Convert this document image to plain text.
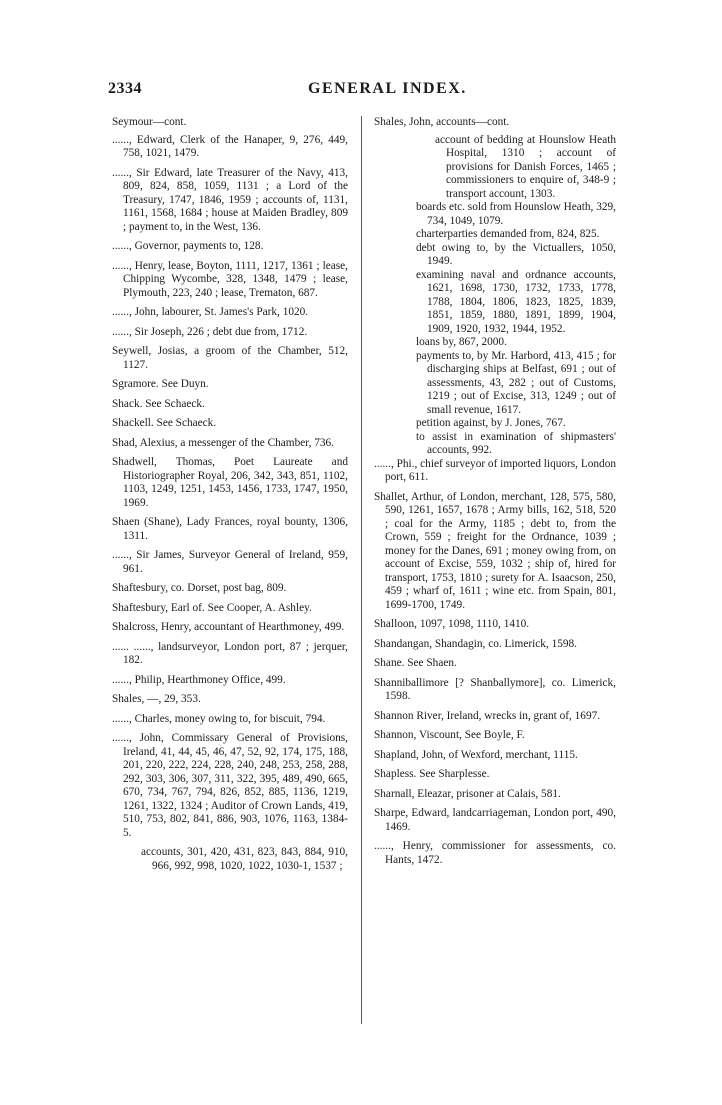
2334	GENERAL INDEX.

Seymour—cont.

......, Edward, Clerk of the Hanaper, 9, 276, 449, 758, 1021, 1479.

......, Sir Edward, late Treasurer of the Navy, 413, 809, 824, 858, 1059, 1131 ; a Lord of the Treasury, 1747, 1846, 1959 ; accounts of, 1131, 1161, 1568, 1684 ; house at Maiden Bradley, 809 ; payment to, in the West, 136.

......, Governor, payments to, 128.

......, Henry, lease, Boyton, 1111, 1217, 1361 ; lease, Chipping Wycombe, 328, 1348, 1479 ; lease, Plymouth, 223, 240 ; lease, Trematon, 687.

......, John, labourer, St. James's Park, 1020.

......, Sir Joseph, 226 ; debt due from, 1712.

Seywell, Josias, a groom of the Chamber, 512, 1127.

Sgramore. See Duyn.

Shack. See Schaeck.

Shackell. See Schaeck.

Shad, Alexius, a messenger of the Chamber, 736.

Shadwell, Thomas, Poet Laureate and Historiographer Royal, 206, 342, 343, 851, 1102, 1103, 1249, 1251, 1453, 1456, 1733, 1747, 1950, 1969.

Shaen (Shane), Lady Frances, royal bounty, 1306, 1311.

......, Sir James, Surveyor General of Ireland, 959, 961.

Shaftesbury, co. Dorset, post bag, 809.

Shaftesbury, Earl of. See Cooper, A. Ashley.

Shalcross, Henry, accountant of Hearthmoney, 499.

...... ......, landsurveyor, London port, 87 ; jerquer, 182.

......, Philip, Hearthmoney Office, 499.

Shales, —, 29, 353.

......, Charles, money owing to, for biscuit, 794.

......, John, Commissary General of Provisions, Ireland, 41, 44, 45, 46, 47, 52, 92, 174, 175, 188, 201, 220, 222, 224, 228, 240, 248, 253, 258, 288, 292, 303, 306, 307, 311, 322, 395, 489, 490, 665, 670, 734, 767, 794, 826, 852, 885, 1136, 1219, 1261, 1322, 1324 ; Auditor of Crown Lands, 419, 510, 753, 802, 841, 886, 903, 1076, 1163, 1384-5.

accounts, 301, 420, 431, 823, 843, 884, 910, 966, 992, 998, 1020, 1022, 1030-1, 1537 ;

Shales, John, accounts—cont.

account of bedding at Hounslow Heath Hospital, 1310 ; account of provisions for Danish Forces, 1465 ; commissioners to enquire of, 348-9 ; transport account, 1303.

boards etc. sold from Hounslow Heath, 329, 734, 1049, 1079.

charterparties demanded from, 824, 825.

debt owing to, by the Victuallers, 1050, 1949.

examining naval and ordnance accounts, 1621, 1698, 1730, 1732, 1733, 1778, 1788, 1804, 1806, 1823, 1825, 1839, 1851, 1859, 1880, 1891, 1899, 1904, 1909, 1920, 1932, 1944, 1952.

loans by, 867, 2000.

payments to, by Mr. Harbord, 413, 415 ; for discharging ships at Belfast, 691 ; out of assessments, 43, 282 ; out of Customs, 1219 ; out of Excise, 313, 1249 ; out of small revenue, 1617.

petition against, by J. Jones, 767.

to assist in examination of shipmasters' accounts, 992.

......, Phi., chief surveyor of imported liquors, London port, 611.

Shallet, Arthur, of London, merchant, 128, 575, 580, 590, 1261, 1657, 1678 ; Army bills, 162, 518, 520 ; coal for the Army, 1185 ; debt to, from the Crown, 559 ; freight for the Ordnance, 1039 ; money for the Danes, 691 ; money owing from, on account of Excise, 559, 1032 ; ship of, hired for transport, 1753, 1810 ; surety for A. Isaacson, 250, 459 ; wharf of, 1611 ; wine etc. from Spain, 801, 1699-1700, 1749.

Shalloon, 1097, 1098, 1110, 1410.

Shandangan, Shandagin, co. Limerick, 1598.

Shane. See Shaen.

Shanniballimore [? Shanballymore], co. Limerick, 1598.

Shannon River, Ireland, wrecks in, grant of, 1697.

Shannon, Viscount, See Boyle, F.

Shapland, John, of Wexford, merchant, 1115.

Shapless. See Sharplesse.

Sharnall, Eleazar, prisoner at Calais, 581.

Sharpe, Edward, landcarriageman, London port, 490, 1469.

......, Henry, commissioner for assessments, co. Hants, 1472.
